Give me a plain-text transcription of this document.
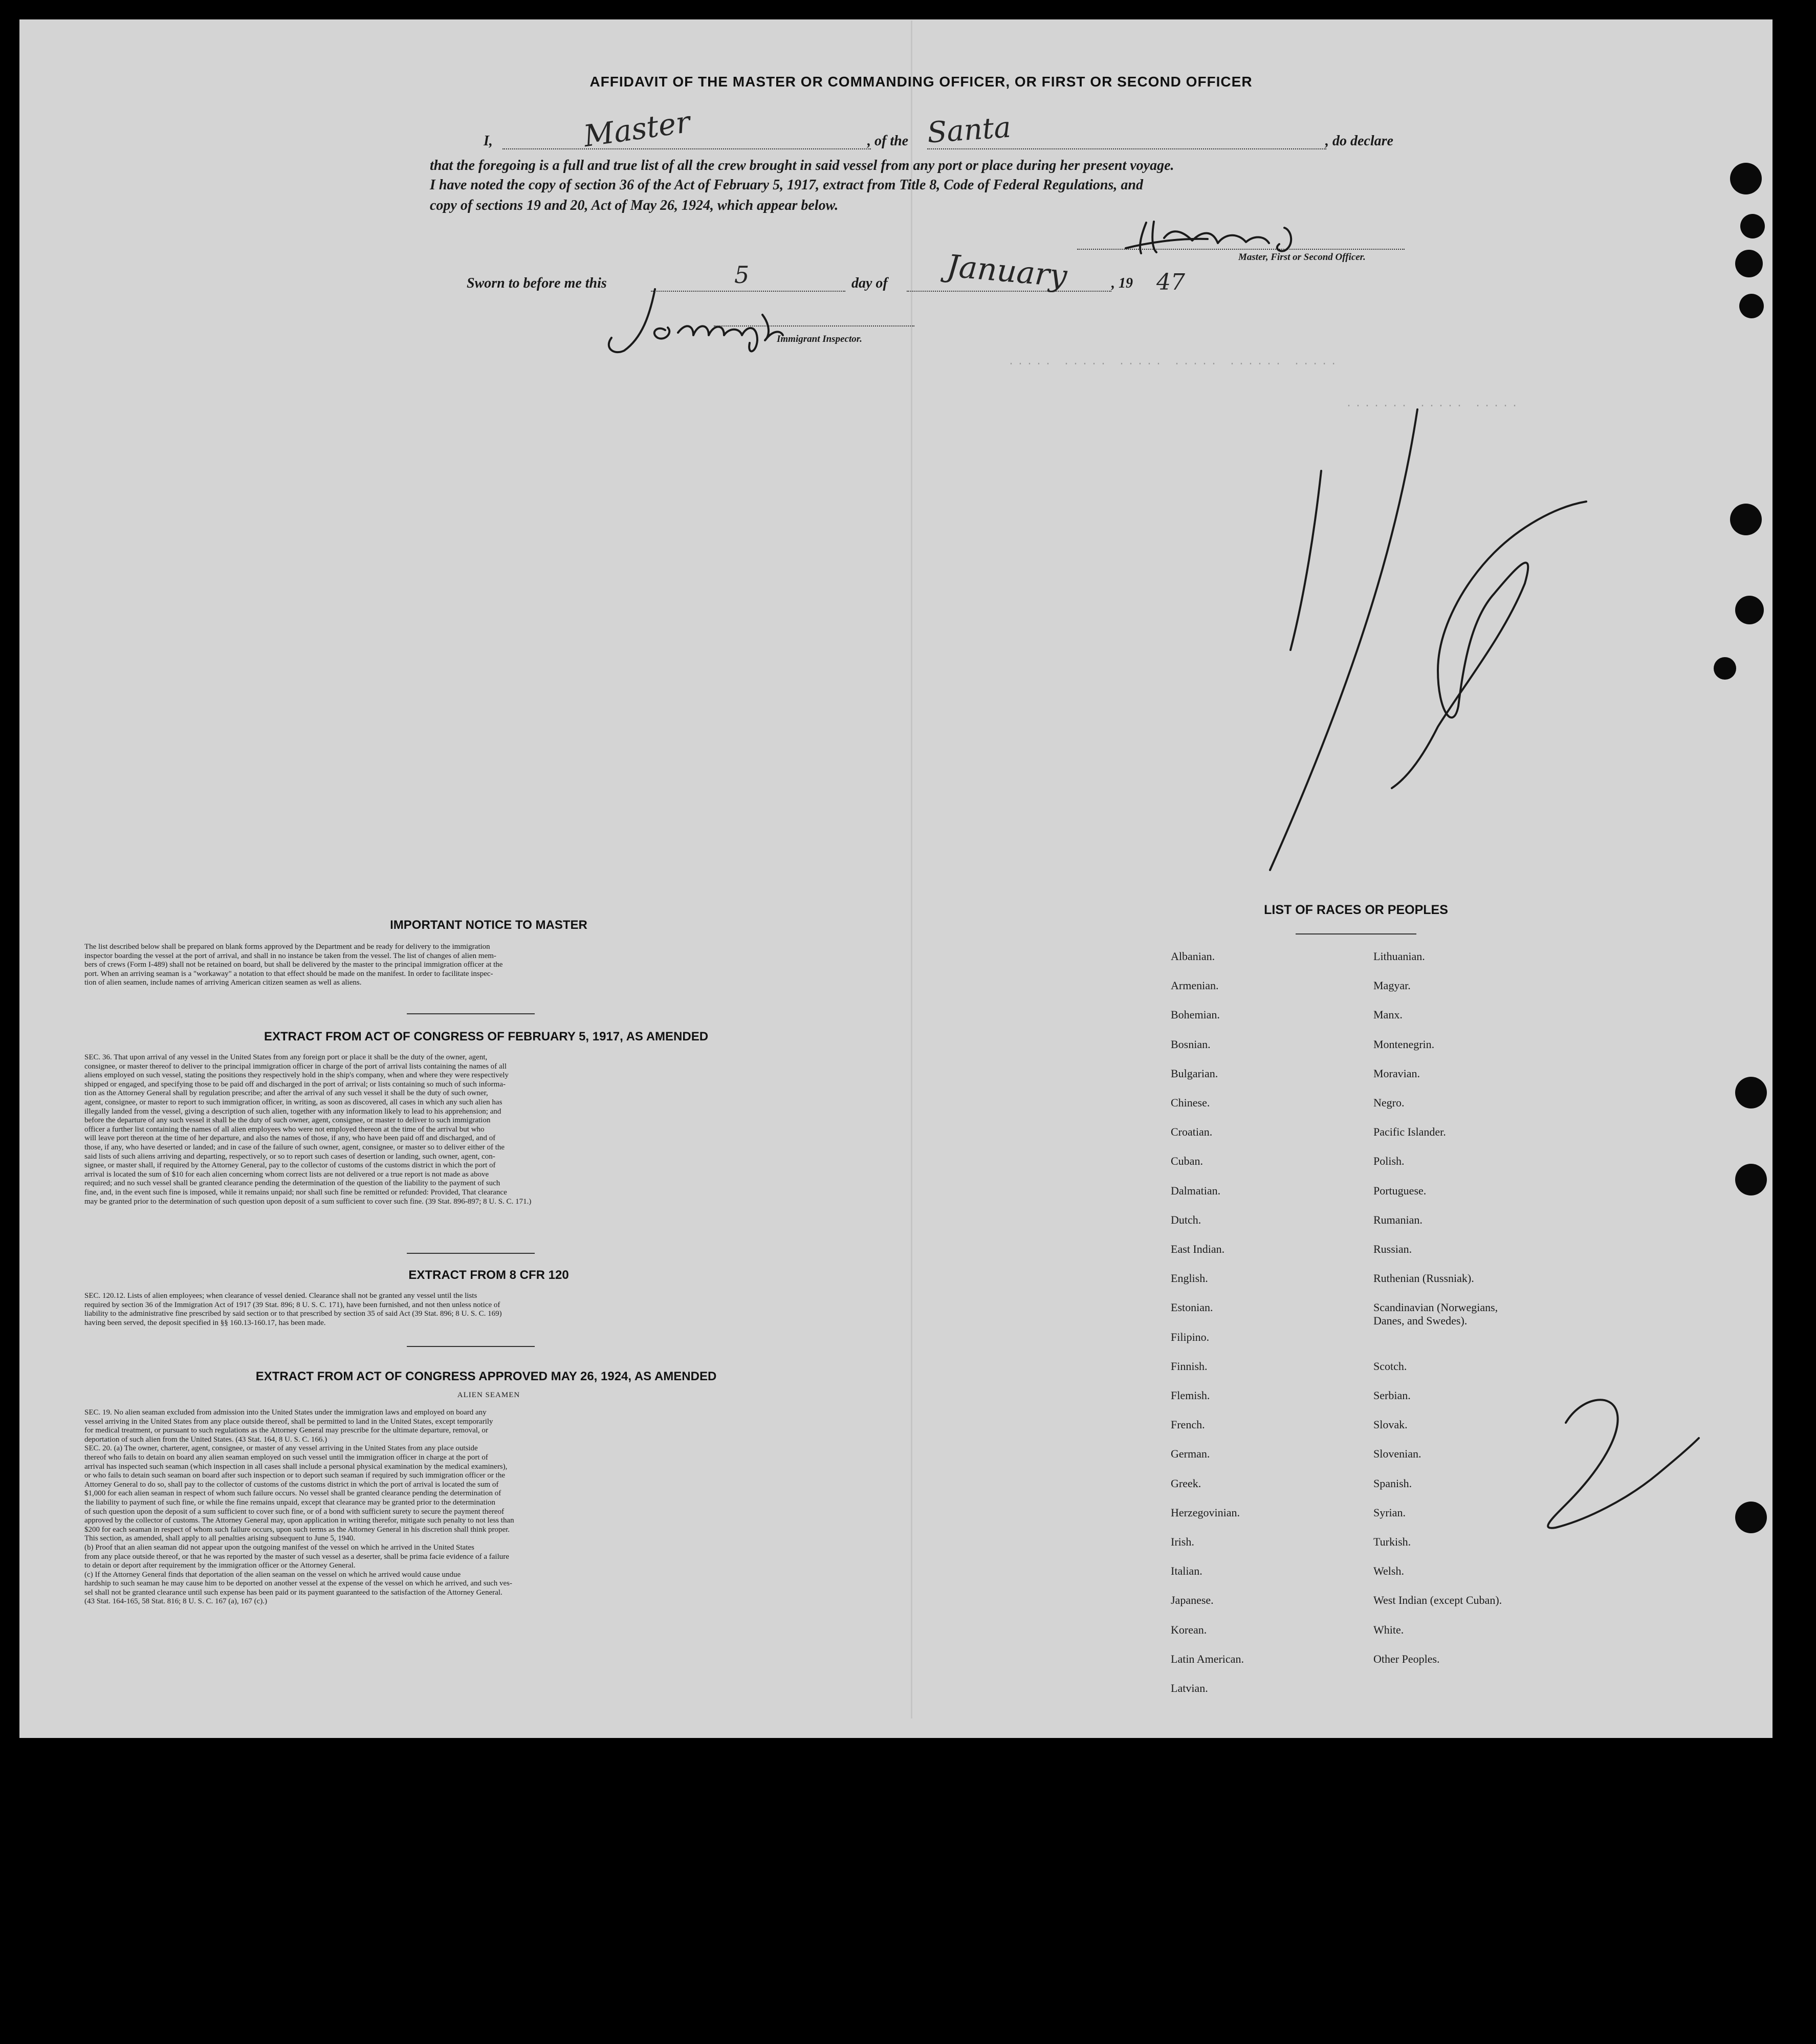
····· ····· ····· ····· ······ ·····
······· ····· ·····
AFFIDAVIT OF THE MASTER OR COMMANDING OFFICER, OR FIRST OR SECOND OFFICER
I,	Master	, of the Santa	, do declare
that the foregoing is a full and true list of all the crew brought in said vessel from any port or place during her present voyage.
I have noted the copy of section 36 of the Act of February 5, 1917, extract from Title 8, Code of Federal Regulations, and
copy of sections 19 and 20, Act of May 26, 1924, which appear below.
Master, First or Second Officer.
Sworn to before me this	5	day of January	, 19 47
Immigrant Inspector.
IMPORTANT NOTICE TO MASTER
The list described below shall be prepared on blank forms approved by the Department and be ready for delivery to the immigration
inspector boarding the vessel at the port of arrival, and shall in no instance be taken from the vessel. The list of changes of alien mem-
bers of crews (Form I-489) shall not be retained on board, but shall be delivered by the master to the principal immigration officer at the
port. When an arriving seaman is a "workaway" a notation to that effect should be made on the manifest. In order to facilitate inspec-
tion of alien seamen, include names of arriving American citizen seamen as well as aliens.
EXTRACT FROM ACT OF CONGRESS OF FEBRUARY 5, 1917, AS AMENDED
SEC. 36. That upon arrival of any vessel in the United States from any foreign port or place it shall be the duty of the owner, agent,
consignee, or master thereof to deliver to the principal immigration officer in charge of the port of arrival lists containing the names of all
aliens employed on such vessel, stating the positions they respectively hold in the ship's company, when and where they were respectively
shipped or engaged, and specifying those to be paid off and discharged in the port of arrival; or lists containing so much of such informa-
tion as the Attorney General shall by regulation prescribe; and after the arrival of any such vessel it shall be the duty of such owner,
agent, consignee, or master to report to such immigration officer, in writing, as soon as discovered, all cases in which any such alien has
illegally landed from the vessel, giving a description of such alien, together with any information likely to lead to his apprehension; and
before the departure of any such vessel it shall be the duty of such owner, agent, consignee, or master to deliver to such immigration
officer a further list containing the names of all alien employees who were not employed thereon at the time of the arrival but who
will leave port thereon at the time of her departure, and also the names of those, if any, who have been paid off and discharged, and of
those, if any, who have deserted or landed; and in case of the failure of such owner, agent, consignee, or master so to deliver either of the
said lists of such aliens arriving and departing, respectively, or so to report such cases of desertion or landing, such owner, agent, con-
signee, or master shall, if required by the Attorney General, pay to the collector of customs of the customs district in which the port of
arrival is located the sum of $10 for each alien concerning whom correct lists are not delivered or a true report is not made as above
required; and no such vessel shall be granted clearance pending the determination of the question of the liability to the payment of such
fine, and, in the event such fine is imposed, while it remains unpaid; nor shall such fine be remitted or refunded: Provided, That clearance
may be granted prior to the determination of such question upon deposit of a sum sufficient to cover such fine. (39 Stat. 896-897; 8 U. S. C. 171.)
EXTRACT FROM 8 CFR 120
SEC. 120.12. Lists of alien employees; when clearance of vessel denied. Clearance shall not be granted any vessel until the lists
required by section 36 of the Immigration Act of 1917 (39 Stat. 896; 8 U. S. C. 171), have been furnished, and not then unless notice of
liability to the administrative fine prescribed by said section or to that prescribed by section 35 of said Act (39 Stat. 896; 8 U. S. C. 169)
having been served, the deposit specified in §§ 160.13-160.17, has been made.
EXTRACT FROM ACT OF CONGRESS APPROVED MAY 26, 1924, AS AMENDED
ALIEN SEAMEN
SEC. 19. No alien seaman excluded from admission into the United States under the immigration laws and employed on board any
vessel arriving in the United States from any place outside thereof, shall be permitted to land in the United States, except temporarily
for medical treatment, or pursuant to such regulations as the Attorney General may prescribe for the ultimate departure, removal, or
deportation of such alien from the United States. (43 Stat. 164, 8 U. S. C. 166.)
SEC. 20. (a) The owner, charterer, agent, consignee, or master of any vessel arriving in the United States from any place outside
thereof who fails to detain on board any alien seaman employed on such vessel until the immigration officer in charge at the port of
arrival has inspected such seaman (which inspection in all cases shall include a personal physical examination by the medical examiners),
or who fails to detain such seaman on board after such inspection or to deport such seaman if required by such immigration officer or the
Attorney General to do so, shall pay to the collector of customs of the customs district in which the port of arrival is located the sum of
$1,000 for each alien seaman in respect of whom such failure occurs. No vessel shall be granted clearance pending the determination of
the liability to payment of such fine, or while the fine remains unpaid, except that clearance may be granted prior to the determination
of such question upon the deposit of a sum sufficient to cover such fine, or of a bond with sufficient surety to secure the payment thereof
approved by the collector of customs. The Attorney General may, upon application in writing therefor, mitigate such penalty to not less than
$200 for each seaman in respect of whom such failure occurs, upon such terms as the Attorney General in his discretion shall think proper.
This section, as amended, shall apply to all penalties arising subsequent to June 5, 1940.
(b) Proof that an alien seaman did not appear upon the outgoing manifest of the vessel on which he arrived in the United States
from any place outside thereof, or that he was reported by the master of such vessel as a deserter, shall be prima facie evidence of a failure
to detain or deport after requirement by the immigration officer or the Attorney General.
(c) If the Attorney General finds that deportation of the alien seaman on the vessel on which he arrived would cause undue
hardship to such seaman he may cause him to be deported on another vessel at the expense of the vessel on which he arrived, and such ves-
sel shall not be granted clearance until such expense has been paid or its payment guaranteed to the satisfaction of the Attorney General.
(43 Stat. 164-165, 58 Stat. 816; 8 U. S. C. 167 (a), 167 (c).)
LIST OF RACES OR PEOPLES
Albanian.
Armenian.
Bohemian.
Bosnian.
Bulgarian.
Chinese.
Croatian.
Cuban.
Dalmatian.
Dutch.
East Indian.
English.
Estonian.
Filipino.
Finnish.
Flemish.
French.
German.
Greek.
Herzegovinian.
Irish.
Italian.
Japanese.
Korean.
Latin American.
Latvian.
Lithuanian.
Magyar.
Manx.
Montenegrin.
Moravian.
Negro.
Pacific Islander.
Polish.
Portuguese.
Rumanian.
Russian.
Ruthenian (Russniak).
Scandinavian (Norwegians,
Danes, and Swedes).
Scotch.
Serbian.
Slovak.
Slovenian.
Spanish.
Syrian.
Turkish.
Welsh.
West Indian (except Cuban).
White.
Other Peoples.
